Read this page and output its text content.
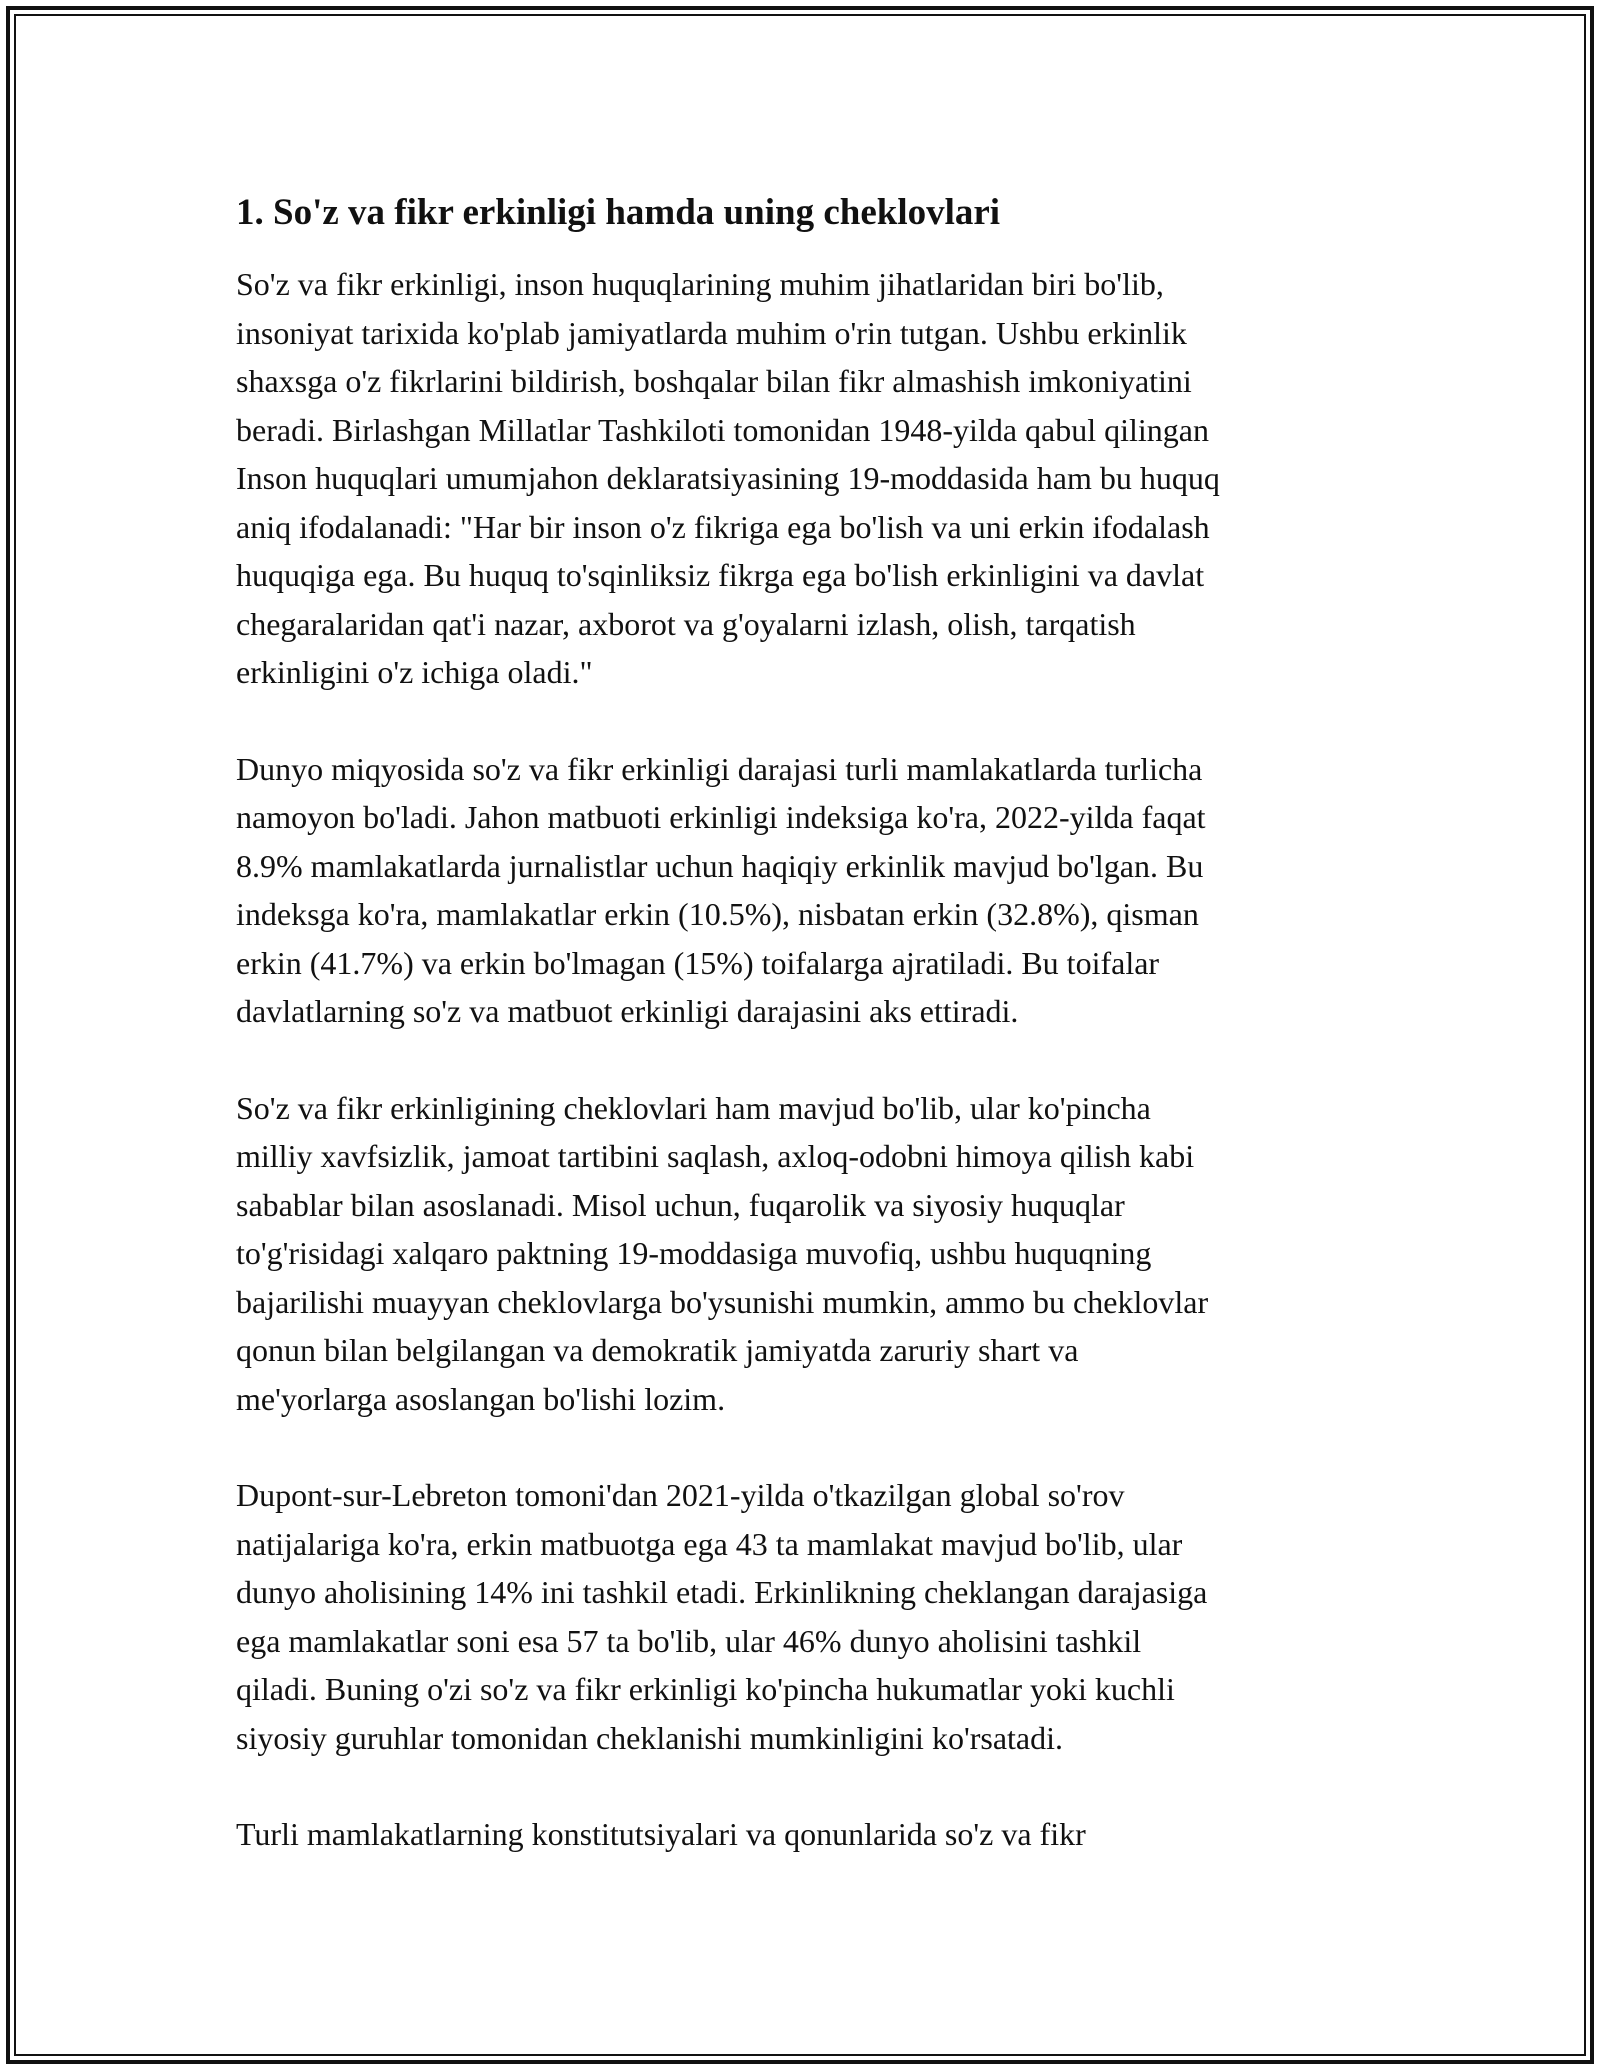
1. So'z va fikr erkinligi hamda uning cheklovlari

So'z va fikr erkinligi, inson huquqlarining muhim jihatlaridan biri bo'lib,
insoniyat tarixida ko'plab jamiyatlarda muhim o'rin tutgan. Ushbu erkinlik
shaxsga o'z fikrlarini bildirish, boshqalar bilan fikr almashish imkoniyatini
beradi. Birlashgan Millatlar Tashkiloti tomonidan 1948-yilda qabul qilingan
Inson huquqlari umumjahon deklaratsiyasining 19-moddasida ham bu huquq
aniq ifodalanadi: "Har bir inson o'z fikriga ega bo'lish va uni erkin ifodalash
huquqiga ega. Bu huquq to'sqinliksiz fikrga ega bo'lish erkinligini va davlat
chegaralaridan qat'i nazar, axborot va g'oyalarni izlash, olish, tarqatish
erkinligini o'z ichiga oladi."

Dunyo miqyosida so'z va fikr erkinligi darajasi turli mamlakatlarda turlicha
namoyon bo'ladi. Jahon matbuoti erkinligi indeksiga ko'ra, 2022-yilda faqat
8.9% mamlakatlarda jurnalistlar uchun haqiqiy erkinlik mavjud bo'lgan. Bu
indeksga ko'ra, mamlakatlar erkin (10.5%), nisbatan erkin (32.8%), qisman
erkin (41.7%) va erkin bo'lmagan (15%) toifalarga ajratiladi. Bu toifalar
davlatlarning so'z va matbuot erkinligi darajasini aks ettiradi.

So'z va fikr erkinligining cheklovlari ham mavjud bo'lib, ular ko'pincha
milliy xavfsizlik, jamoat tartibini saqlash, axloq-odobni himoya qilish kabi
sabablar bilan asoslanadi. Misol uchun, fuqarolik va siyosiy huquqlar
to'g'risidagi xalqaro paktning 19-moddasiga muvofiq, ushbu huquqning
bajarilishi muayyan cheklovlarga bo'ysunishi mumkin, ammo bu cheklovlar
qonun bilan belgilangan va demokratik jamiyatda zaruriy shart va
me'yorlarga asoslangan bo'lishi lozim.

Dupont-sur-Lebreton tomoni'dan 2021-yilda o'tkazilgan global so'rov
natijalariga ko'ra, erkin matbuotga ega 43 ta mamlakat mavjud bo'lib, ular
dunyo aholisining 14% ini tashkil etadi. Erkinlikning cheklangan darajasiga
ega mamlakatlar soni esa 57 ta bo'lib, ular 46% dunyo aholisini tashkil
qiladi. Buning o'zi so'z va fikr erkinligi ko'pincha hukumatlar yoki kuchli
siyosiy guruhlar tomonidan cheklanishi mumkinligini ko'rsatadi.

Turli mamlakatlarning konstitutsiyalari va qonunlarida so'z va fikr
